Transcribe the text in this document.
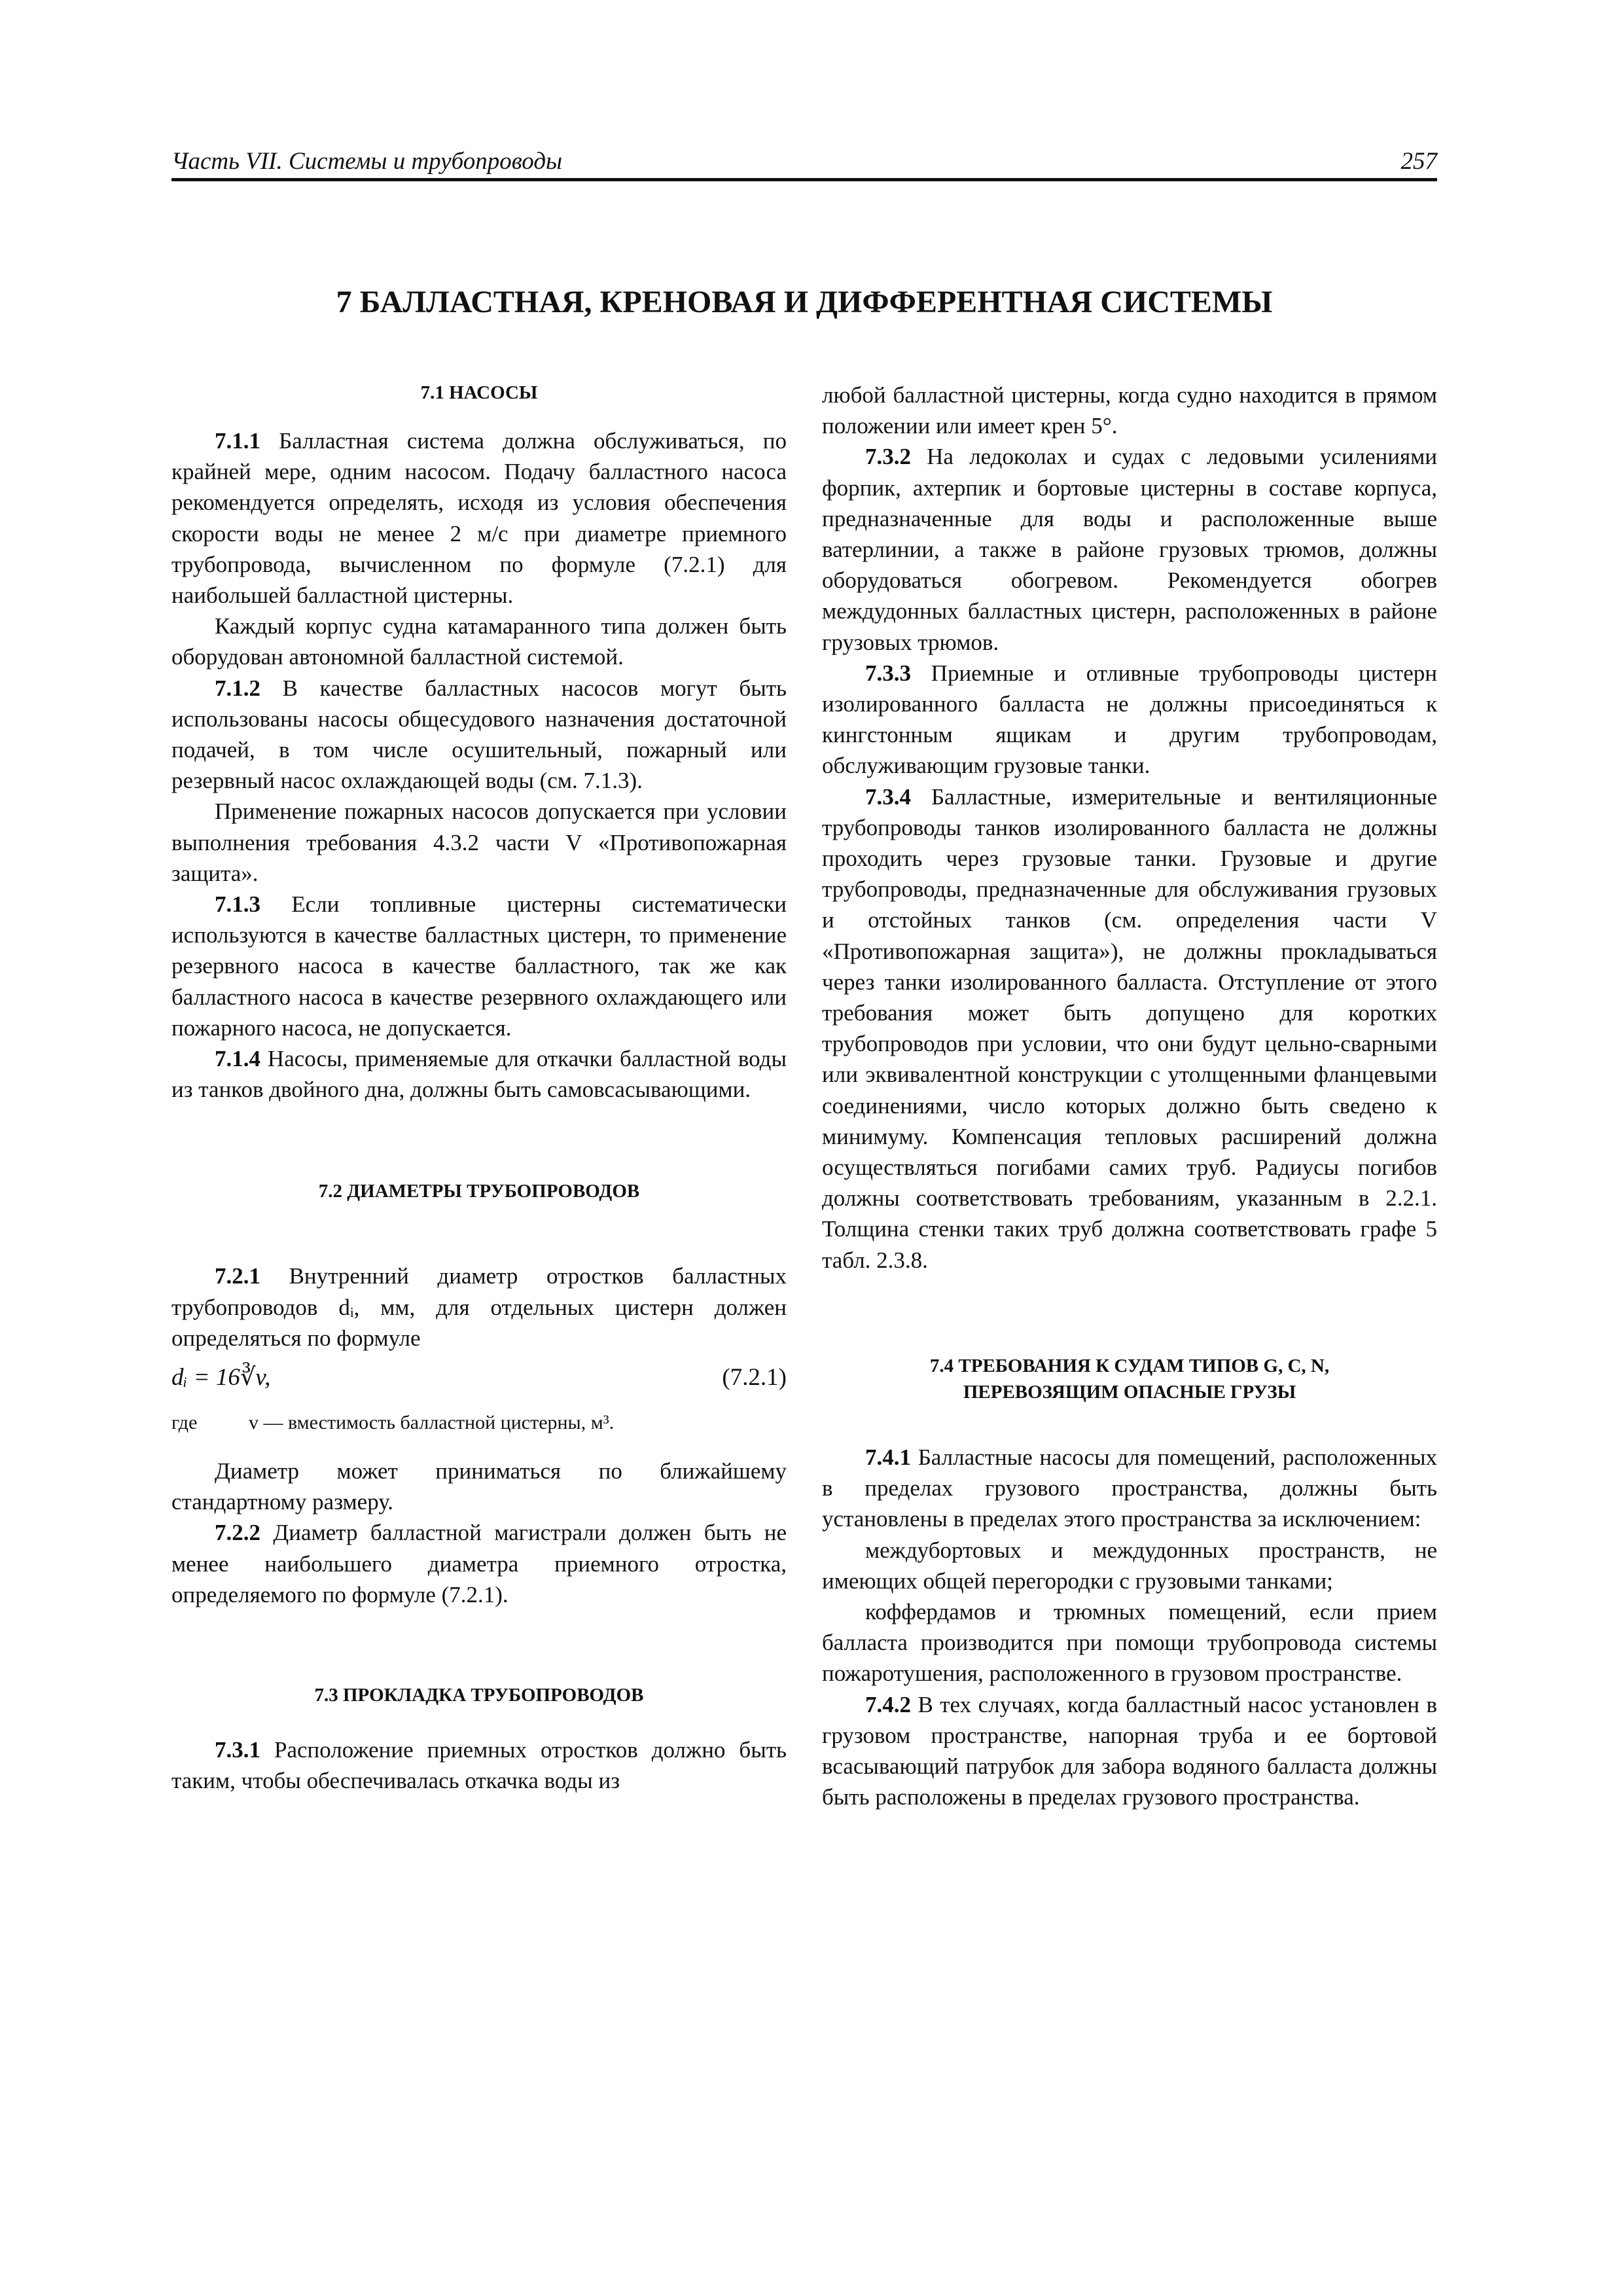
Часть VII. Системы и трубопроводы	257
7 БАЛЛАСТНАЯ, КРЕНОВАЯ И ДИФФЕРЕНТНАЯ СИСТЕМЫ
7.1 НАСОСЫ

7.1.1 Балластная система должна обслуживаться, по крайней мере, одним насосом. Подачу балластного насоса рекомендуется определять, исходя из условия обеспечения скорости воды не менее 2 м/с при диаметре приемного трубопровода, вычисленном по формуле (7.2.1) для наибольшей балластной цистерны.

Каждый корпус судна катамаранного типа должен быть оборудован автономной балластной системой.

7.1.2 В качестве балластных насосов могут быть использованы насосы общесудового назначения достаточной подачей, в том числе осушительный, пожарный или резервный насос охлаждающей воды (см. 7.1.3).

Применение пожарных насосов допускается при условии выполнения требования 4.3.2 части V «Противопожарная защита».

7.1.3 Если топливные цистерны систематически используются в качестве балластных цистерн, то применение резервного насоса в качестве балластного, так же как балластного насоса в качестве резервного охлаждающего или пожарного насоса, не допускается.

7.1.4 Насосы, применяемые для откачки балластной воды из танков двойного дна, должны быть самовсасывающими.

7.2 ДИАМЕТРЫ ТРУБОПРОВОДОВ

7.2.1 Внутренний диаметр отростков балластных трубопроводов dᵢ, мм, для отдельных цистерн должен определяться по формуле

dᵢ = 16∛v,	(7.2.1)
где	v — вместимость балластной цистерны, м³.

Диаметр может приниматься по ближайшему стандартному размеру.

7.2.2 Диаметр балластной магистрали должен быть не менее наибольшего диаметра приемного отростка, определяемого по формуле (7.2.1).

7.3 ПРОКЛАДКА ТРУБОПРОВОДОВ

7.3.1 Расположение приемных отростков должно быть таким, чтобы обеспечивалась откачка воды из

любой балластной цистерны, когда судно находится в прямом положении или имеет крен 5°.

7.3.2 На ледоколах и судах с ледовыми усилениями форпик, ахтерпик и бортовые цистерны в составе корпуса, предназначенные для воды и расположенные выше ватерлинии, а также в районе грузовых трюмов, должны оборудоваться обогревом. Рекомендуется обогрев междудонных балластных цистерн, расположенных в районе грузовых трюмов.

7.3.3 Приемные и отливные трубопроводы цистерн изолированного балласта не должны присоединяться к кингстонным ящикам и другим трубопроводам, обслуживающим грузовые танки.

7.3.4 Балластные, измерительные и вентиляционные трубопроводы танков изолированного балласта не должны проходить через грузовые танки. Грузовые и другие трубопроводы, предназначенные для обслуживания грузовых и отстойных танков (см. определения части V «Противопожарная защита»), не должны прокладываться через танки изолированного балласта. Отступление от этого требования может быть допущено для коротких трубопроводов при условии, что они будут цельно-сварными или эквивалентной конструкции с утолщенными фланцевыми соединениями, число которых должно быть сведено к минимуму. Компенсация тепловых расширений должна осуществляться погибами самих труб. Радиусы погибов должны соответствовать требованиям, указанным в 2.2.1. Толщина стенки таких труб должна соответствовать графе 5 табл. 2.3.8.

7.4 ТРЕБОВАНИЯ К СУДАМ ТИПОВ G, C, N,
ПЕРЕВОЗЯЩИМ ОПАСНЫЕ ГРУЗЫ

7.4.1 Балластные насосы для помещений, расположенных в пределах грузового пространства, должны быть установлены в пределах этого пространства за исключением:

междубортовых и междудонных пространств, не имеющих общей перегородки с грузовыми танками;

коффердамов и трюмных помещений, если прием балласта производится при помощи трубопровода системы пожаротушения, расположенного в грузовом пространстве.

7.4.2 В тех случаях, когда балластный насос установлен в грузовом пространстве, напорная труба и ее бортовой всасывающий патрубок для забора водяного балласта должны быть расположены в пределах грузового пространства.
